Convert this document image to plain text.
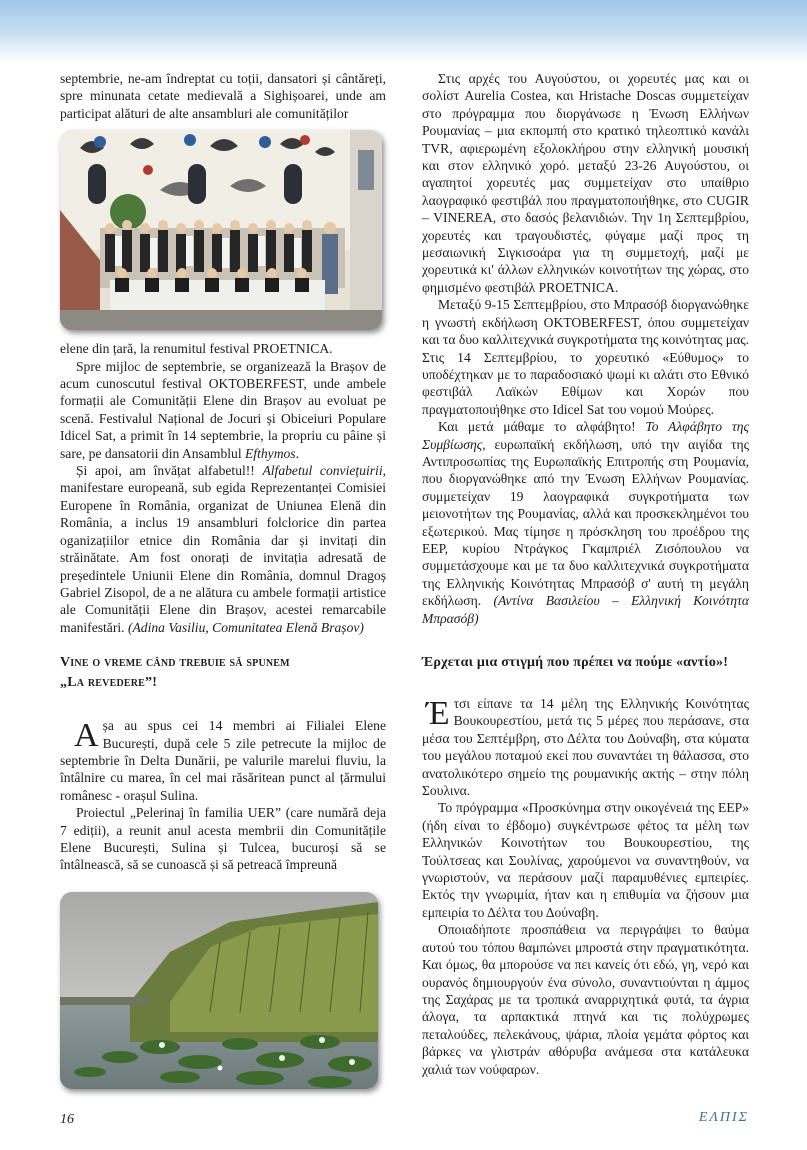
septembrie, ne-am îndreptat cu toții, dansatori și cântăreți, spre minunata cetate medievală a Sighișoarei, unde am participat alături de alte ansambluri ale comunităților

elene din țară, la renumitul festival PROETNICA.

Spre mijloc de septembrie, se organizează la Brașov de acum cunoscutul festival OKTOBERFEST, unde ambele formații ale Comunității Elene din Brașov au evoluat pe scenă. Festivalul Național de Jocuri și Obiceiuri Populare Idicel Sat, a primit în 14 septembrie, la propriu cu pâine și sare, pe dansatorii din Ansamblul Efthymos.

Și apoi, am învățat alfabetul!! Alfabetul conviețuirii, manifestare europeană, sub egida Reprezentanței Comisiei Europene în România, organizat de Uniunea Elenă din România, a inclus 19 ansambluri folclorice din partea oganizațiilor etnice din România dar și invitați din străinătate. Am fost onorați de invitația adresată de președintele Uniunii Elene din România, domnul Dragoș Gabriel Zisopol, de a ne alătura cu ambele formații artistice ale Comunității Elene din Brașov, acestei remarcabile manifestări. (Adina Vasiliu, Comunitatea Elenă Brașov)

Vine o vreme când trebuie să spunem
„La revedere”!

Așa au spus cei 14 membri ai Filialei Elene București, după cele 5 zile petrecute la mijloc de septembrie în Delta Dunării, pe valurile marelui fluviu, la întâlnire cu marea, în cel mai răsăritean punct al țărmului românesc - orașul Sulina.

Proiectul „Pelerinaj în familia UER” (care numără deja 7 ediții), a reunit anul acesta membrii din Comunitățile Elene București, Sulina și Tulcea, bucuroși să se întâlnească, să se cunoască și să petreacă împreună

Στις αρχές του Αυγούστου, οι χορευτές μας και οι σολίστ Aurelia Costea, και Hristache Doscas συμμετείχαν στο πρόγραμμα που διοργάνωσε η Ένωση Ελλήνων Ρουμανίας – μια εκπομπή στο κρατικό τηλεοπτικό κανάλι TVR, αφιερωμένη εξολοκλήρου στην ελληνική μουσική και στον ελληνικό χορό. μεταξύ 23-26 Αυγούστου, οι αγαπητοί χορευτές μας συμμετείχαν στο υπαίθριο λαογραφικό φεστιβάλ που πραγματοποιήθηκε, στο CUGIR – VINEREA, στο δασός βελανιδιών. Την 1η Σεπτεμβρίου, χορευτές και τραγουδιστές, φύγαμε μαζί προς τη μεσαιωνική Σιγκισοάρα για τη συμμετοχή, μαζί με χορευτικά κι' άλλων ελληνικών κοινοτήτων της χώρας, στο φημισμένο φεστιβάλ PROETNICA.

Μεταξύ 9-15 Σεπτεμβρίου, στο Μπρασόβ διοργανώθηκε η γνωστή εκδήλωση OKTOBERFEST, όπου συμμετείχαν και τα δυο καλλιτεχνικά συγκροτήματα της κοινότητας μας. Στις 14 Σεπτεμβρίου, το χορευτικό «Εύθυμος» το υποδέχτηκαν με το παραδοσιακό ψωμί κι αλάτι στο Εθνικό φεστιβάλ Λαϊκών Εθίμων και Χορών που πραγματοποιήθηκε στο Idicel Sat του νομού Μούρες.

Και μετά μάθαμε το αλφάβητο! Το Αλφάβητο της Συμβίωσης, ευρωπαϊκή εκδήλωση, υπό την αιγίδα της Αντιπροσωπίας της Ευρωπαϊκής Επιτροπής στη Ρουμανία, που διοργανώθηκε από την Ένωση Ελλήνων Ρουμανίας. συμμετείχαν 19 λαογραφικά συγκροτήματα των μειονοτήτων της Ρουμανίας, αλλά και προσκεκλημένοι του εξωτερικού. Μας τίμησε η πρόσκληση του προέδρου της ΕΕΡ, κυρίου Ντράγκος Γκαμπριέλ Ζισόπουλου να συμμετάσχουμε και με τα δυο καλλιτεχνικά συγκροτήματα της Ελληνικής Κοινότητας Μπρασόβ σ' αυτή τη μεγάλη εκδήλωση. (Αντίνα Βασιλείου – Ελληνική Κοινότητα Μπρασόβ)

Έρχεται μια στιγμή που πρέπει να πούμε «αντίο»!

Έτσι είπανε τα 14 μέλη της Ελληνικής Κοινότητας Βουκουρεστίου, μετά τις 5 μέρες που περάσανε, στα μέσα του Σεπτέμβρη, στο Δέλτα του Δούναβη, στα κύματα του μεγάλου ποταμού εκεί που συναντάει τη θάλασσα, στο ανατολικότερο σημείο της ρουμανικής ακτής – στην πόλη Σουλινα.

Το πρόγραμμα «Προσκύνημα στην οικογένειά της ΕΕΡ» (ήδη είναι το έβδομο) συγκέντρωσε φέτος τα μέλη των Ελληνικών Κοινοτήτων του Βουκουρεστίου, της Τούλτσεας και Σουλίνας, χαρούμενοι να συναντηθούν, να γνωριστούν, να περάσουν μαζί παραμυθένιες εμπειρίες. Εκτός την γνωριμία, ήταν και η επιθυμία να ζήσουν μια εμπειρία το Δέλτα του Δούναβη.

Οποιαδήποτε προσπάθεια να περιγράψει το θαύμα αυτού του τόπου θαμπώνει μπροστά στην πραγματικότητα. Και όμως, θα μπορούσε να πει κανείς ότι εδώ, γη, νερό και ουρανός δημιουργούν ένα σύνολο, συναντιούνται η άμμος της Σαχάρας με τα τροπικά αναρριχητικά φυτά, τα άγρια άλογα, τα αρπακτικά πτηνά και τις πολύχρωμες πεταλούδες, πελεκάνους, ψάρια, πλοία γεμάτα φόρτος και βάρκες να γλιστράν αθόρυβα ανάμεσα στα κατάλευκα χαλιά των νούφαρων.

16	ΕΛΠΙΣ
